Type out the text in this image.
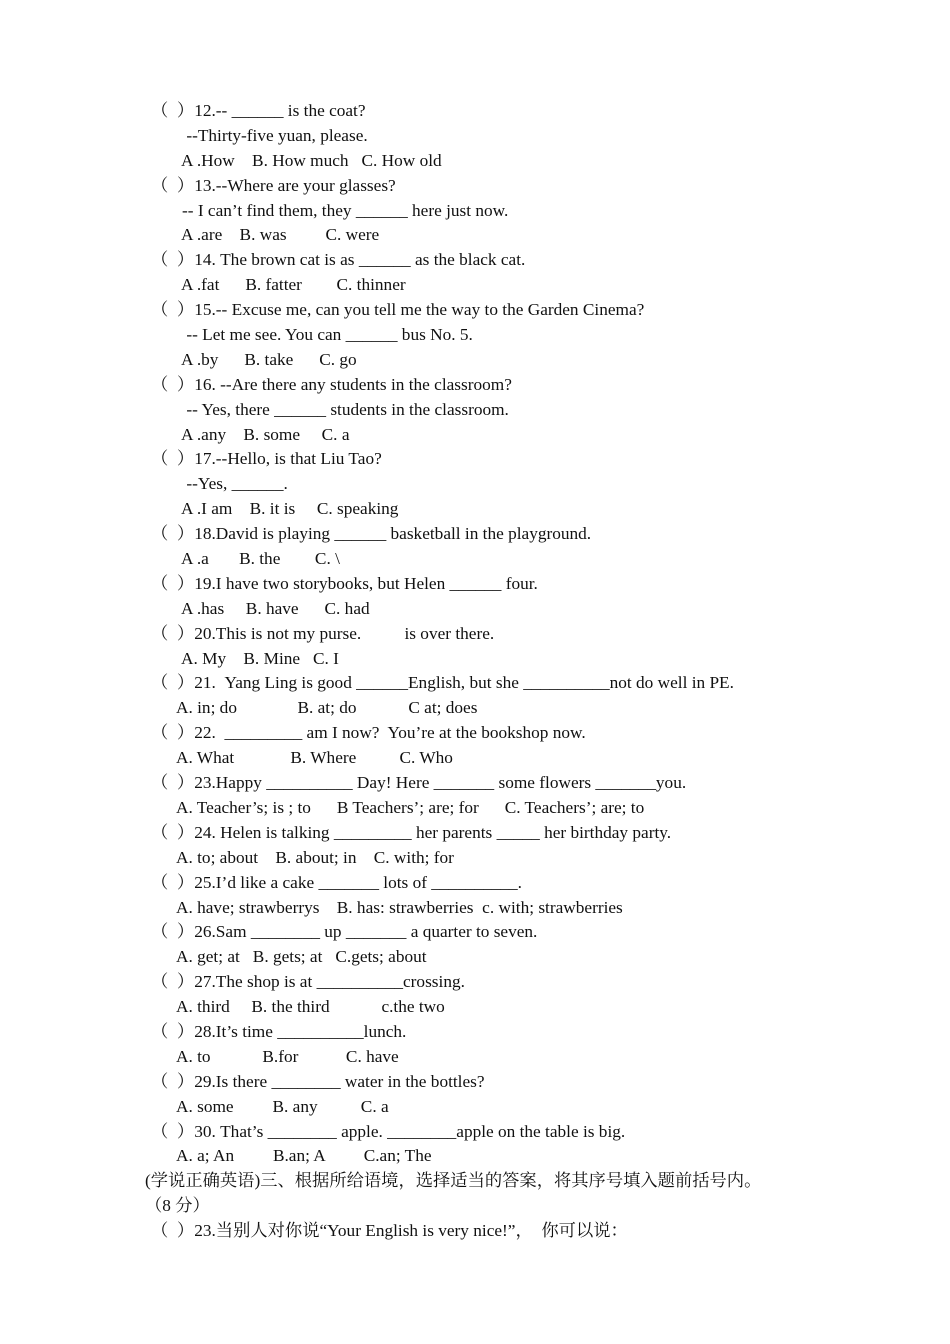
（  ）12.-- ______ is the coat?
--Thirty-five yuan, please.
A .How    B. How much   C. How old
（  ）13.--Where are your glasses?
-- I can’t find them, they ______ here just now.
A .are    B. was         C. were
（  ）14. The brown cat is as ______ as the black cat.
A .fat      B. fatter        C. thinner
（  ）15.-- Excuse me, can you tell me the way to the Garden Cinema?
-- Let me see. You can ______ bus No. 5.
A .by      B. take      C. go
（  ）16. --Are there any students in the classroom?
-- Yes, there ______ students in the classroom.
A .any    B. some     C. a
（  ）17.--Hello, is that Liu Tao?
--Yes, ______.
A .I am    B. it is     C. speaking
（  ）18.David is playing ______ basketball in the playground.
A .a       B. the        C. \
（  ）19.I have two storybooks, but Helen ______ four.
A .has     B. have      C. had
（  ）20.This is not my purse.          is over there.
A. My    B. Mine   C. I
（  ）21.  Yang Ling is good ______English, but she __________not do well in PE.
A. in; do              B. at; do            C at; does
（  ）22.  _________ am I now?  You’re at the bookshop now.
A. What             B. Where          C. Who
（  ）23.Happy __________ Day! Here _______ some flowers _______you.
A. Teacher’s; is ; to      B Teachers’; are; for      C. Teachers’; are; to
（  ）24. Helen is talking _________ her parents _____ her birthday party.
A. to; about    B. about; in    C. with; for
（  ）25.I’d like a cake _______ lots of __________.
A. have; strawberrys    B. has: strawberries  c. with; strawberries
（  ）26.Sam ________ up _______ a quarter to seven.
A. get; at   B. gets; at   C.gets; about
（  ）27.The shop is at __________crossing.
A. third     B. the third            c.the two
（  ）28.It’s time __________lunch.
A. to            B.for           C. have
（  ）29.Is there ________ water in the bottles?
A. some         B. any          C. a
（  ）30. That’s ________ apple. ________apple on the table is big.
A. a; An         B.an; A         C.an; The
(学说正确英语)三、根据所给语境，选择适当的答案，将其序号填入题前括号内。
（8 分）
（  ）23.当别人对你说“Your English is very nice!”，  你可以说：
